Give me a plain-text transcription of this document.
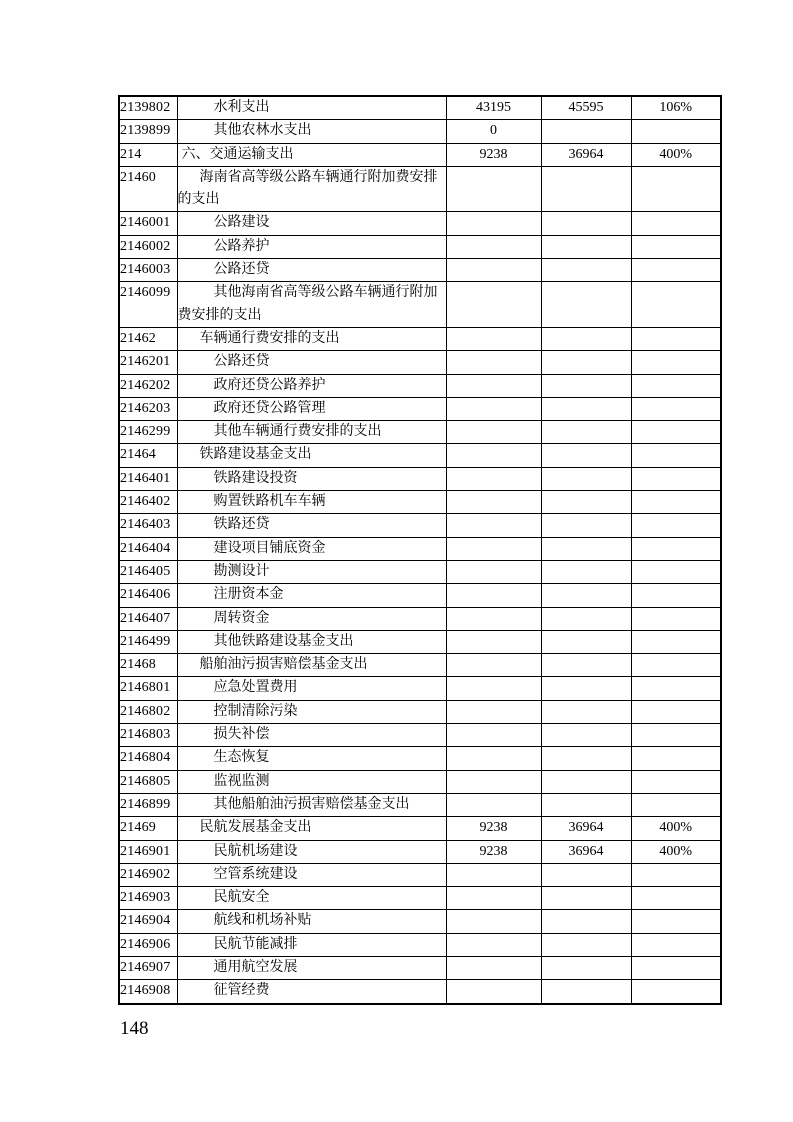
2139802	水利支出	43195	45595	106%
2139899	其他农林水支出	0		
214	六、交通运输支出	9238	36964	400%
21460	海南省高等级公路车辆通行附加费安排的支出			
2146001	公路建设			
2146002	公路养护			
2146003	公路还贷			
2146099	其他海南省高等级公路车辆通行附加费安排的支出			
21462	车辆通行费安排的支出			
2146201	公路还贷			
2146202	政府还贷公路养护			
2146203	政府还贷公路管理			
2146299	其他车辆通行费安排的支出			
21464	铁路建设基金支出			
2146401	铁路建设投资			
2146402	购置铁路机车车辆			
2146403	铁路还贷			
2146404	建设项目铺底资金			
2146405	勘测设计			
2146406	注册资本金			
2146407	周转资金			
2146499	其他铁路建设基金支出			
21468	船舶油污损害赔偿基金支出			
2146801	应急处置费用			
2146802	控制清除污染			
2146803	损失补偿			
2146804	生态恢复			
2146805	监视监测			
2146899	其他船舶油污损害赔偿基金支出			
21469	民航发展基金支出	9238	36964	400%
2146901	民航机场建设	9238	36964	400%
2146902	空管系统建设			
2146903	民航安全			
2146904	航线和机场补贴			
2146906	民航节能减排			
2146907	通用航空发展			
2146908	征管经费			
148
